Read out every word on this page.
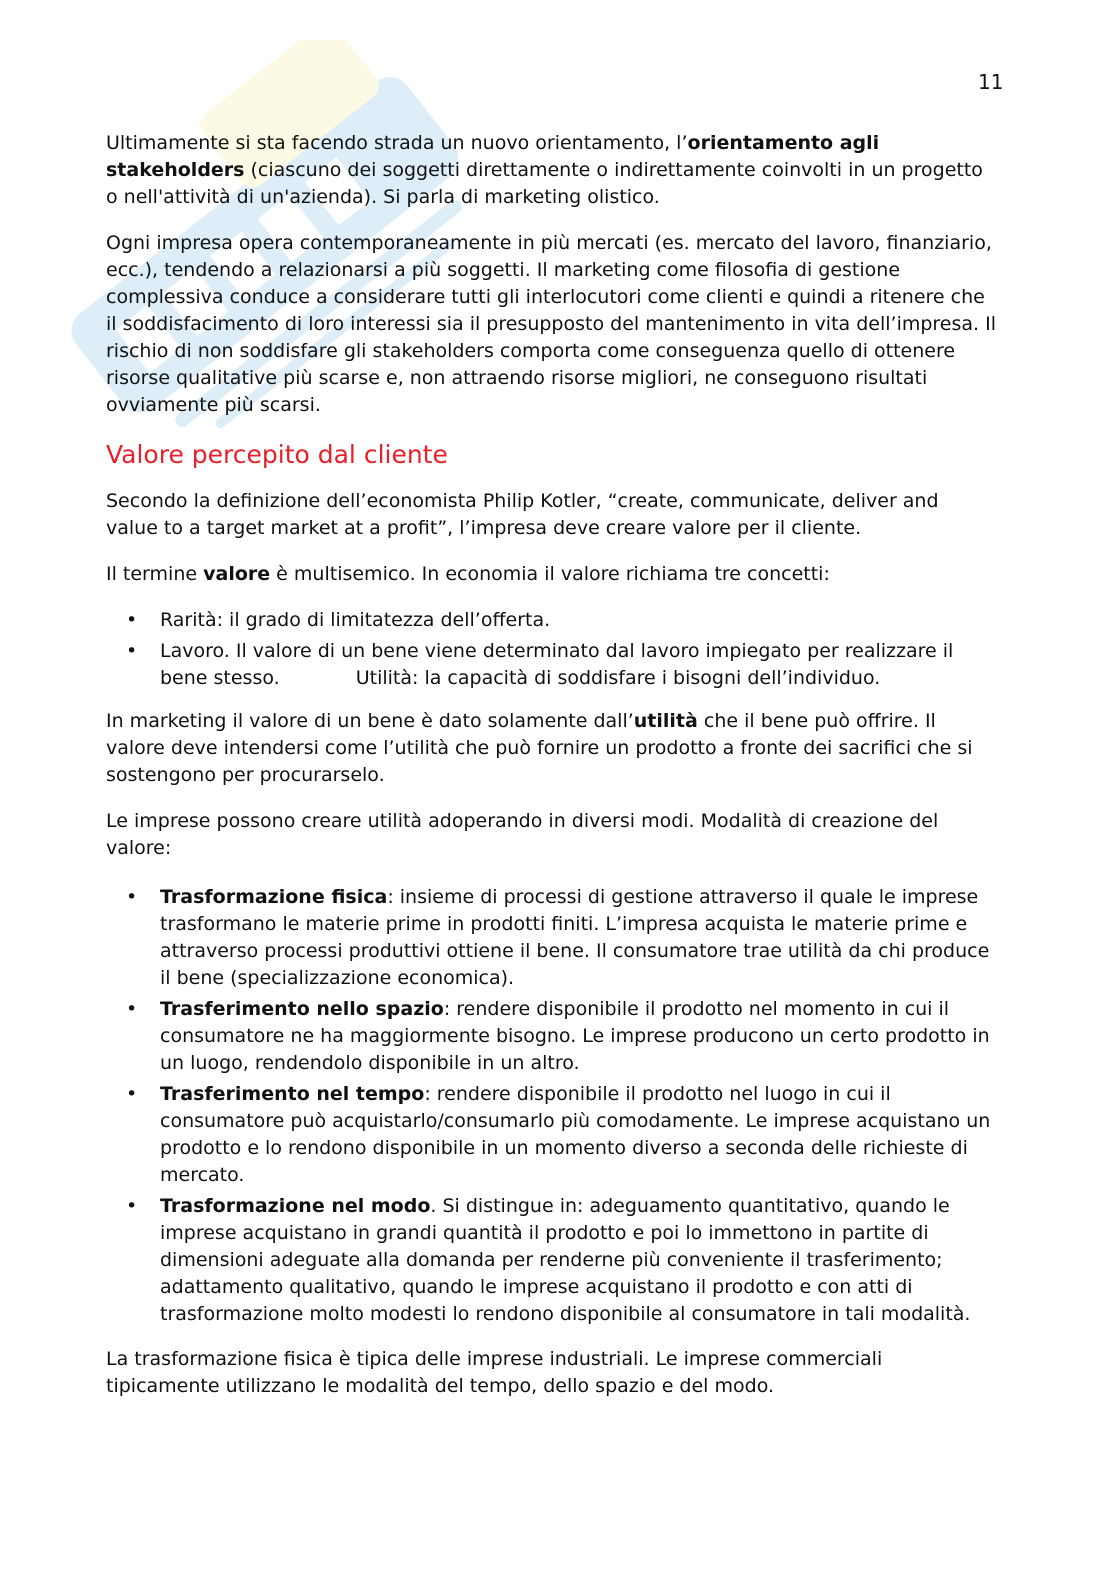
11

Ultimamente si sta facendo strada un nuovo orientamento, l’orientamento agli stakeholders (ciascuno dei soggetti direttamente o indirettamente coinvolti in un progetto o nell'attività di un'azienda). Si parla di marketing olistico.

Ogni impresa opera contemporaneamente in più mercati (es. mercato del lavoro, finanziario, ecc.), tendendo a relazionarsi a più soggetti. Il marketing come filosofia di gestione complessiva conduce a considerare tutti gli interlocutori come clienti e quindi a ritenere che il soddisfacimento di loro interessi sia il presupposto del mantenimento in vita dell’impresa. Il rischio di non soddisfare gli stakeholders comporta come conseguenza quello di ottenere risorse qualitative più scarse e, non attraendo risorse migliori, ne conseguono risultati ovviamente più scarsi.

Valore percepito dal cliente

Secondo la definizione dell’economista Philip Kotler, “create, communicate, deliver and value to a target market at a profit”, l’impresa deve creare valore per il cliente.

Il termine valore è multisemico. In economia il valore richiama tre concetti:

• Rarità: il grado di limitatezza dell’offerta.
• Lavoro. Il valore di un bene viene determinato dal lavoro impiegato per realizzare il bene stesso.	Utilità: la capacità di soddisfare i bisogni dell’individuo.

In marketing il valore di un bene è dato solamente dall’utilità che il bene può offrire. Il valore deve intendersi come l’utilità che può fornire un prodotto a fronte dei sacrifici che si sostengono per procurarselo.

Le imprese possono creare utilità adoperando in diversi modi. Modalità di creazione del valore:

• Trasformazione fisica: insieme di processi di gestione attraverso il quale le imprese trasformano le materie prime in prodotti finiti. L’impresa acquista le materie prime e attraverso processi produttivi ottiene il bene. Il consumatore trae utilità da chi produce il bene (specializzazione economica).
• Trasferimento nello spazio: rendere disponibile il prodotto nel momento in cui il consumatore ne ha maggiormente bisogno. Le imprese producono un certo prodotto in un luogo, rendendolo disponibile in un altro.
• Trasferimento nel tempo: rendere disponibile il prodotto nel luogo in cui il consumatore può acquistarlo/consumarlo più comodamente. Le imprese acquistano un prodotto e lo rendono disponibile in un momento diverso a seconda delle richieste di mercato.
• Trasformazione nel modo. Si distingue in: adeguamento quantitativo, quando le imprese acquistano in grandi quantità il prodotto e poi lo immettono in partite di dimensioni adeguate alla domanda per renderne più conveniente il trasferimento; adattamento qualitativo, quando le imprese acquistano il prodotto e con atti di trasformazione molto modesti lo rendono disponibile al consumatore in tali modalità.

La trasformazione fisica è tipica delle imprese industriali. Le imprese commerciali tipicamente utilizzano le modalità del tempo, dello spazio e del modo.
